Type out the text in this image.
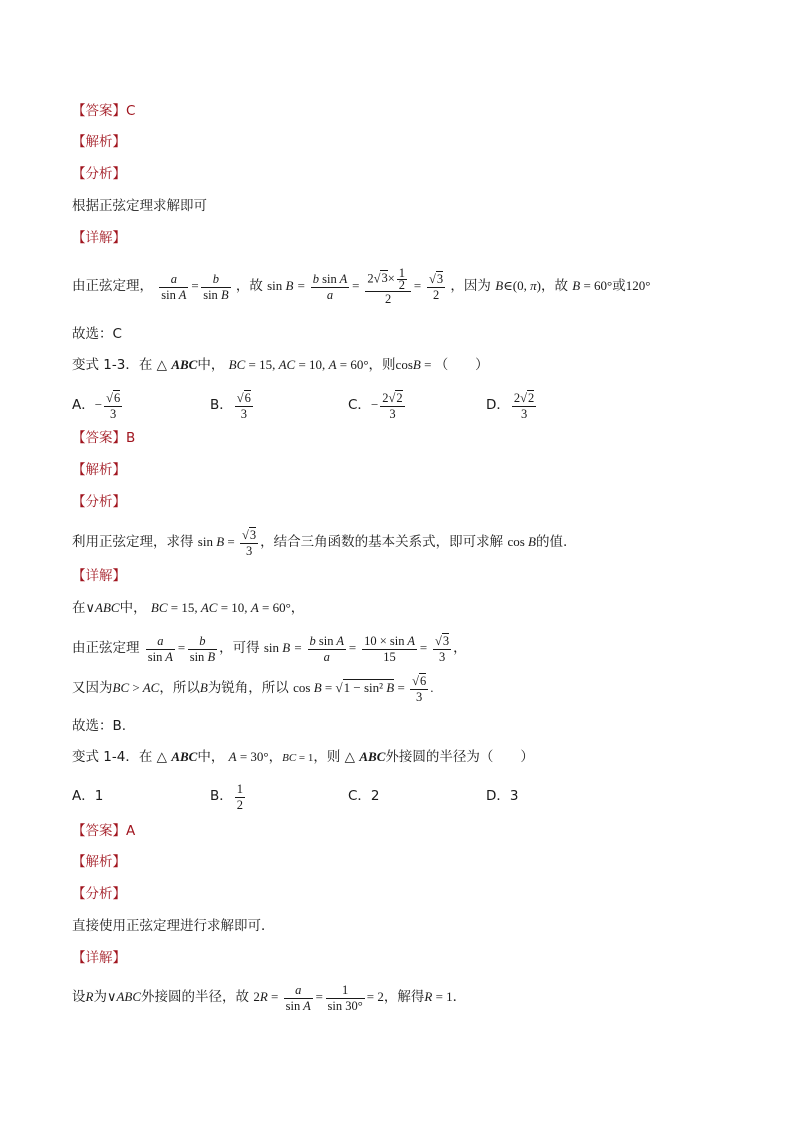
【答案】C
【解析】
【分析】
根据正弦定理求解即可
【详解】
由正弦定理， $\frac{a}{\text{sin A}} = \frac{b}{\text{sin B}}$ ，故 $\sin B = \frac{\text{b sin A}}{a} = \frac{2√3\times \frac{1}{2}}{2} = \frac{√3}{2}$ ，因为 B∈(0, π)，故 B = 60°或120°
故选：C
变式 1-3．在 △ ABC中， BC = 15, AC = 10, A = 60°，则cosB = （　　）
A．− $\frac{√6}{3}$	B． $\frac{√6}{3}$	C．− $\frac{2√2}{3}$	D． $\frac{2√2}{3}$
【答案】B
【解析】
【分析】
利用正弦定理，求得 $\sin B = \frac{√3}{3}$ ，结合三角函数的基本关系式，即可求解 cos B的值.
【详解】
在∨ABC中， BC = 15, AC = 10, A = 60°，
由正弦定理 $\frac{a}{\text{sin A}} = \frac{b}{\text{sin B}}$ ，可得 $\sin B = \frac{\text{b sin A}}{a} = \frac{\text{10 × sin A}}{15} = \frac{√3}{3}$ ，
又因为BC > AC，所以B为锐角，所以 cos B = √1 − sin² $B = \frac{√6}{3}$ .
故选：B.
变式 1-4．在 △ ABC中， A = 30°，BC = 1，则 △ ABC外接圆的半径为（　　）
A．1	B． $\frac{1}{2}$	C．2	D．3
【答案】A
【解析】
【分析】
直接使用正弦定理进行求解即可．
【详解】
设R为∨ABC外接圆的半径，故 $2R = \frac{a}{\text{sin A}} = \frac{1}{\sin 30^\circ} = 2$，解得R = 1．
